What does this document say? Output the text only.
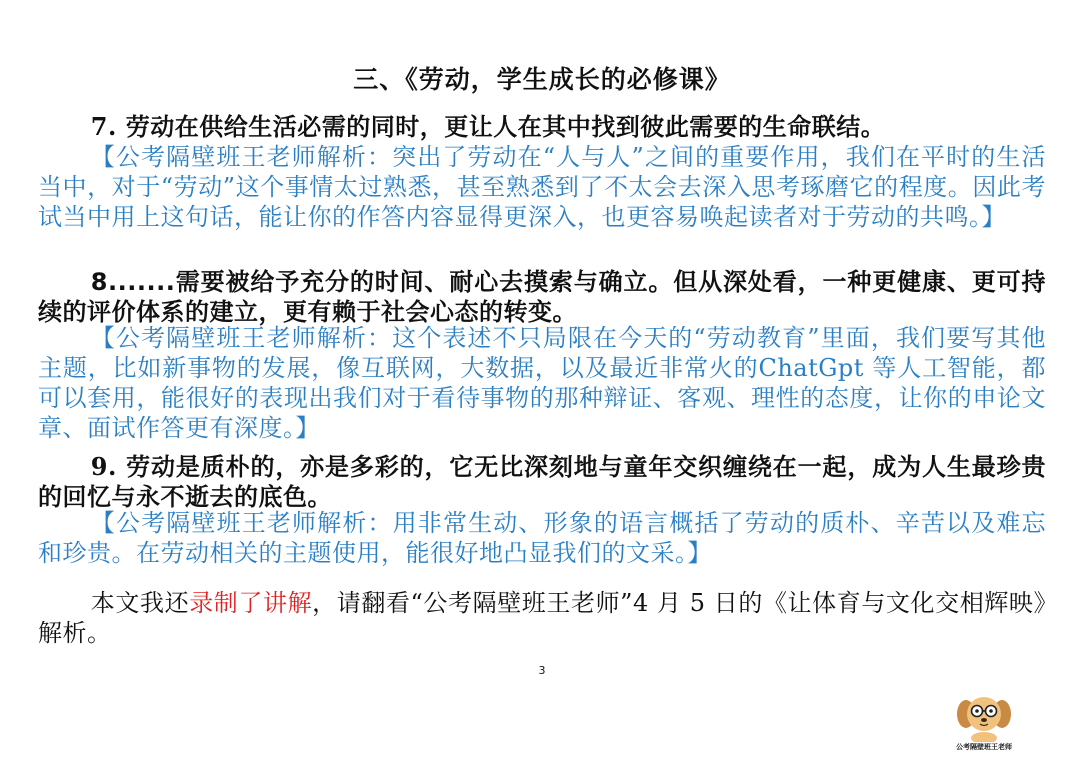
三、《劳动，学生成长的必修课》
7. 劳动在供给生活必需的同时，更让人在其中找到彼此需要的生命联结。
【公考隔壁班王老师解析：突出了劳动在“人与人”之间的重要作用，我们在平时的生活当中，对于“劳动”这个事情太过熟悉，甚至熟悉到了不太会去深入思考琢磨它的程度。因此考试当中用上这句话，能让你的作答内容显得更深入，也更容易唤起读者对于劳动的共鸣。】
8.......需要被给予充分的时间、耐心去摸索与确立。但从深处看，一种更健康、更可持续的评价体系的建立，更有赖于社会心态的转变。
【公考隔壁班王老师解析：这个表述不只局限在今天的“劳动教育”里面，我们要写其他主题，比如新事物的发展，像互联网，大数据，以及最近非常火的ChatGpt 等人工智能，都可以套用，能很好的表现出我们对于看待事物的那种辩证、客观、理性的态度，让你的申论文章、面试作答更有深度。】
9. 劳动是质朴的，亦是多彩的，它无比深刻地与童年交织缠绕在一起，成为人生最珍贵的回忆与永不逝去的底色。
【公考隔壁班王老师解析：用非常生动、形象的语言概括了劳动的质朴、辛苦以及难忘和珍贵。在劳动相关的主题使用，能很好地凸显我们的文采。】
本文我还录制了讲解，请翻看“公考隔壁班王老师”4 月 5 日的《让体育与文化交相辉映》解析。
3
公考隔壁班王老师
